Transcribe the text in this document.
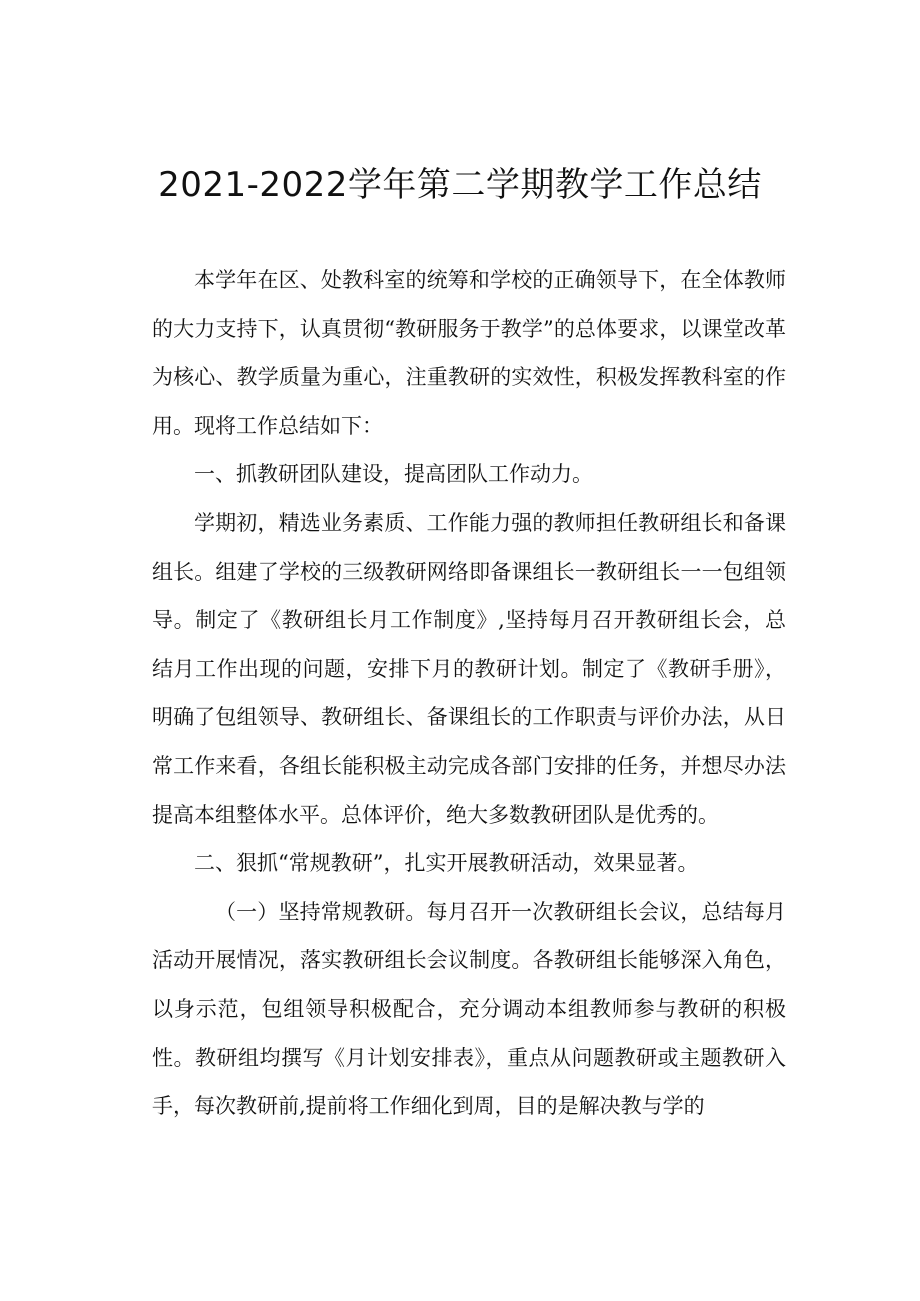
2021-2022学年第二学期教学工作总结

本学年在区、处教科室的统筹和学校的正确领导下，在全体教师的大力支持下，认真贯彻“教研服务于教学”的总体要求，以课堂改革为核心、教学质量为重心，注重教研的实效性，积极发挥教科室的作用。现将工作总结如下：

一、抓教研团队建设，提高团队工作动力。

学期初，精选业务素质、工作能力强的教师担任教研组长和备课组长。组建了学校的三级教研网络即备课组长一教研组长一一包组领导。制定了《教研组长月工作制度》,坚持每月召开教研组长会，总结月工作出现的问题，安排下月的教研计划。制定了《教研手册》，明确了包组领导、教研组长、备课组长的工作职责与评价办法，从日常工作来看，各组长能积极主动完成各部门安排的任务，并想尽办法提高本组整体水平。总体评价，绝大多数教研团队是优秀的。

二、狠抓“常规教研”，扎实开展教研活动，效果显著。

（一）坚持常规教研。每月召开一次教研组长会议，总结每月活动开展情况，落实教研组长会议制度。各教研组长能够深入角色，以身示范，包组领导积极配合，充分调动本组教师参与教研的积极性。教研组均撰写《月计划安排表》，重点从问题教研或主题教研入手，每次教研前,提前将工作细化到周，目的是解决教与学的
